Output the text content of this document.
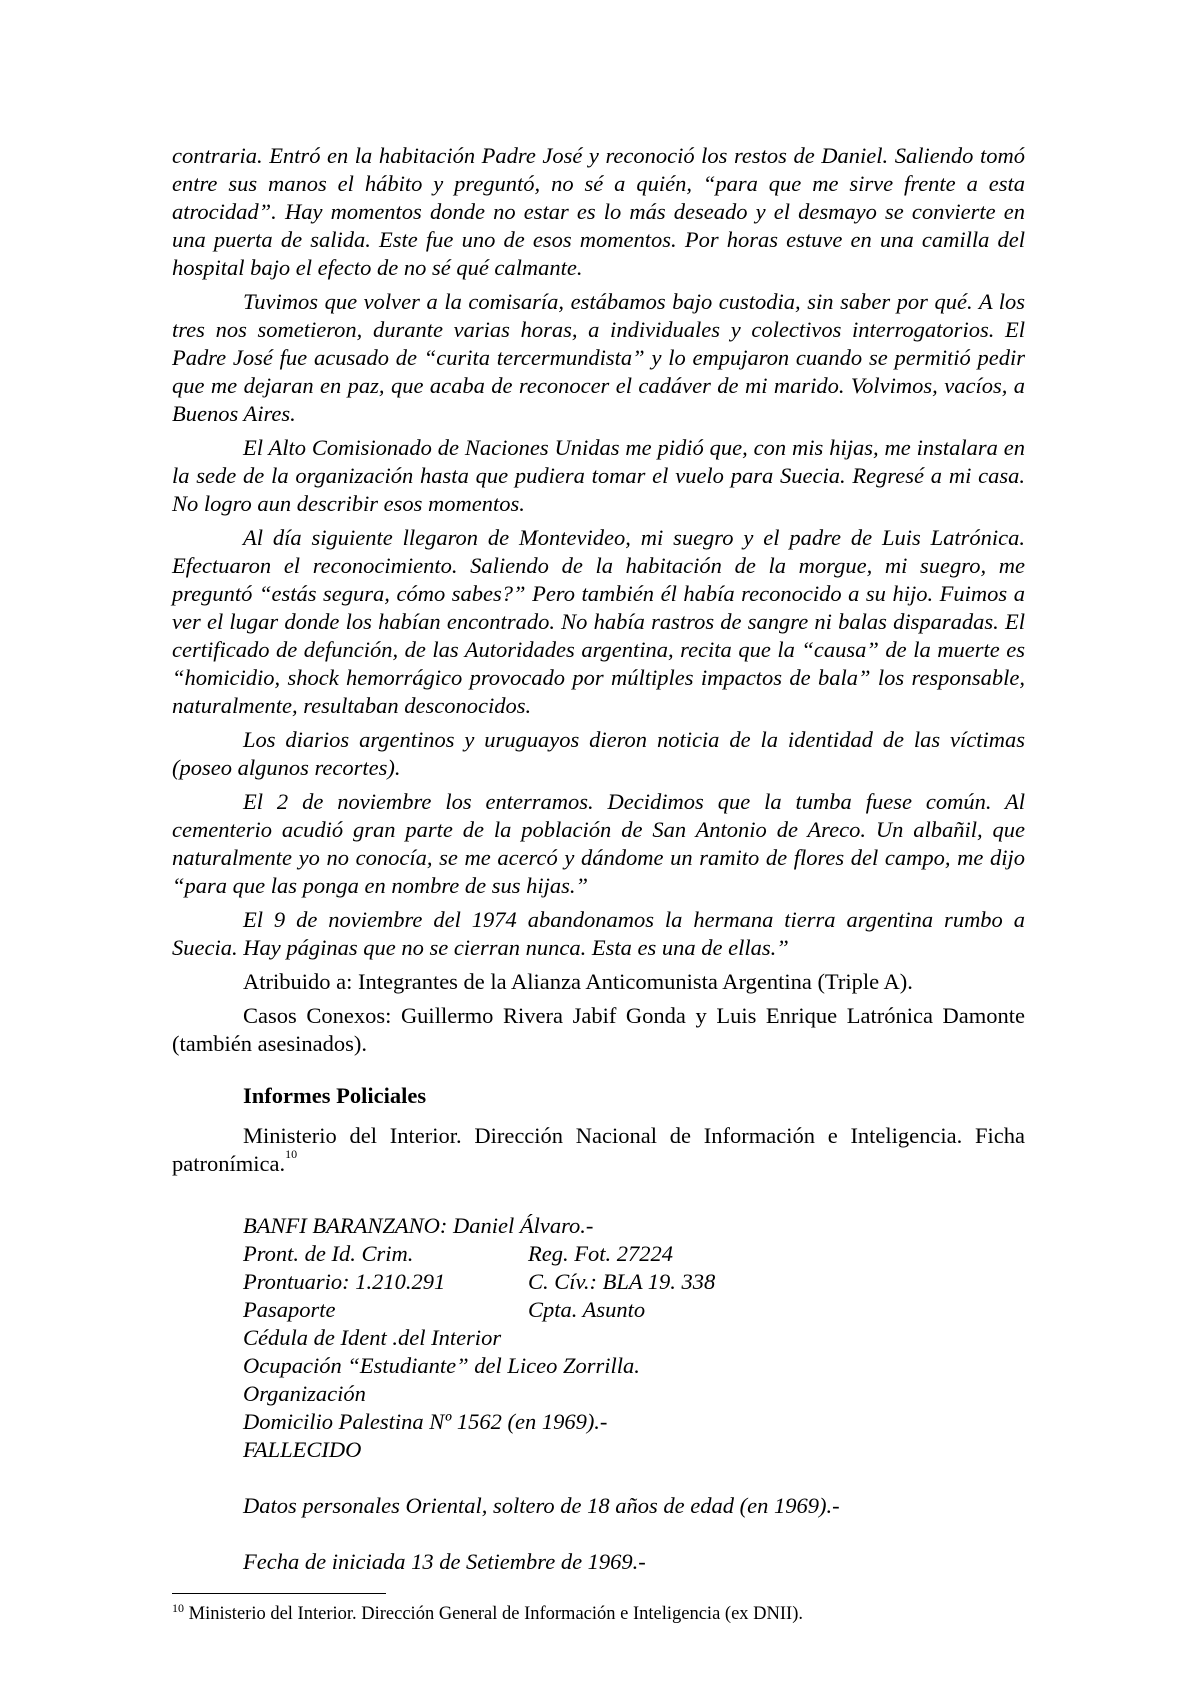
contraria. Entró en la habitación Padre José y reconoció los restos de Daniel. Saliendo tomó entre sus manos el hábito y preguntó, no sé a quién, “para que me sirve frente a esta atrocidad”. Hay momentos donde no estar es lo más deseado y el desmayo se convierte en una puerta de salida. Este fue uno de esos momentos. Por horas estuve en una camilla del hospital bajo el efecto de no sé qué calmante.

Tuvimos que volver a la comisaría, estábamos bajo custodia, sin saber por qué. A los tres nos sometieron, durante varias horas, a individuales y colectivos interrogatorios. El Padre José fue acusado de “curita tercermundista” y lo empujaron cuando se permitió pedir que me dejaran en paz, que acaba de reconocer el cadáver de mi marido. Volvimos, vacíos, a Buenos Aires.

El Alto Comisionado de Naciones Unidas me pidió que, con mis hijas, me instalara en la sede de la organización hasta que pudiera tomar el vuelo para Suecia. Regresé a mi casa. No logro aun describir esos momentos.

Al día siguiente llegaron de Montevideo, mi suegro y el padre de Luis Latrónica. Efectuaron el reconocimiento. Saliendo de la habitación de la morgue, mi suegro, me preguntó “estás segura, cómo sabes?” Pero también él había reconocido a su hijo. Fuimos a ver el lugar donde los habían encontrado. No había rastros de sangre ni balas disparadas. El certificado de defunción, de las Autoridades argentina, recita que la “causa” de la muerte es “homicidio, shock hemorrágico provocado por múltiples impactos de bala” los responsable, naturalmente, resultaban desconocidos.

Los diarios argentinos y uruguayos dieron noticia de la identidad de las víctimas (poseo algunos recortes).

El 2 de noviembre los enterramos. Decidimos que la tumba fuese común. Al cementerio acudió gran parte de la población de San Antonio de Areco. Un albañil, que naturalmente yo no conocía, se me acercó y dándome un ramito de flores del campo, me dijo “para que las ponga en nombre de sus hijas.”

El 9 de noviembre del 1974 abandonamos la hermana tierra argentina rumbo a Suecia. Hay páginas que no se cierran nunca. Esta es una de ellas.”

Atribuido a: Integrantes de la Alianza Anticomunista Argentina (Triple A).

Casos Conexos: Guillermo Rivera Jabif Gonda y Luis Enrique Latrónica Damonte (también asesinados).

Informes Policiales

Ministerio del Interior. Dirección Nacional de Información e Inteligencia. Ficha patronímica.$^{10}$

BANFI BARANZANO: Daniel Álvaro.-
Pront. de Id. Crim.	Reg. Fot. 27224
Prontuario: 1.210.291	C. Cív.: BLA 19. 338
Pasaporte	Cpta. Asunto
Cédula de Ident .del Interior
Ocupación “Estudiante” del Liceo Zorrilla.
Organización
Domicilio Palestina Nº 1562 (en 1969).-
FALLECIDO
Datos personales Oriental, soltero de 18 años de edad (en 1969).-
Fecha de iniciada 13 de Setiembre de 1969.-
$^{10}$ Ministerio del Interior. Dirección General de Información e Inteligencia (ex DNII).
